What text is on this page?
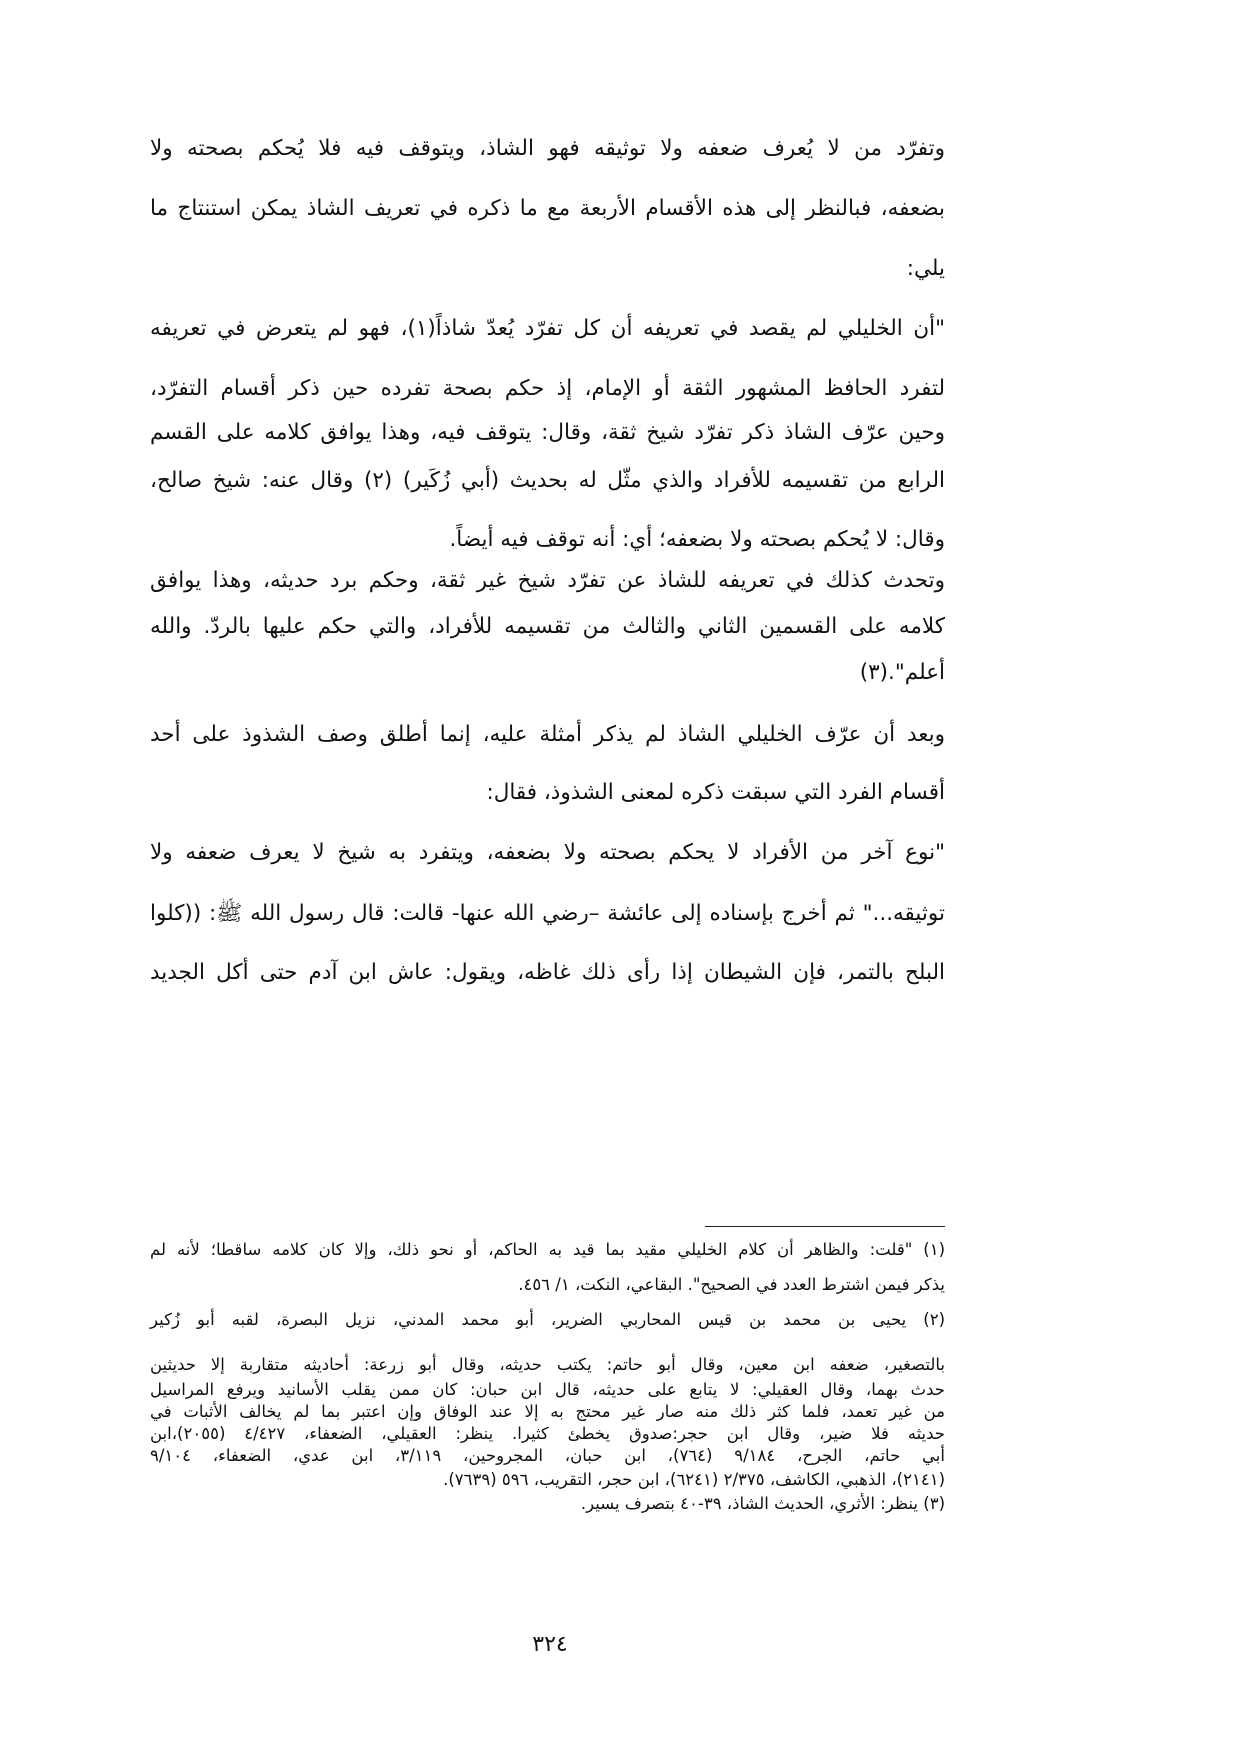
وتفرّد من لا يُعرف ضعفه ولا توثيقه فهو الشاذ، ويتوقف فيه فلا يُحكم بصحته ولا
بضعفه، فبالنظر إلى هذه الأقسام الأربعة مع ما ذكره في تعريف الشاذ يمكن استنتاج ما
يلي:
"أن الخليلي لم يقصد في تعريفه أن كل تفرّد يُعدّ شاذاً(١)، فهو لم يتعرض في تعريفه
لتفرد الحافظ المشهور الثقة أو الإمام، إذ حكم بصحة تفرده حين ذكر أقسام التفرّد،
وحين عرّف الشاذ ذكر تفرّد شيخ ثقة، وقال: يتوقف فيه، وهذا يوافق كلامه على القسم
الرابع من تقسيمه للأفراد والذي مثّل له بحديث (أبي زُكَير) (٢) وقال عنه: شيخ صالح،
وقال: لا يُحكم بصحته ولا بضعفه؛ أي: أنه توقف فيه أيضاً.
وتحدث كذلك في تعريفه للشاذ عن تفرّد شيخ غير ثقة، وحكم برد حديثه، وهذا يوافق
كلامه على القسمين الثاني والثالث من تقسيمه للأفراد، والتي حكم عليها بالردّ. والله
أعلم".(٣)
وبعد أن عرّف الخليلي الشاذ لم يذكر أمثلة عليه، إنما أطلق وصف الشذوذ على أحد
أقسام الفرد التي سبقت ذكره لمعنى الشذوذ، فقال:
"نوع آخر من الأفراد لا يحكم بصحته ولا بضعفه، ويتفرد به شيخ لا يعرف ضعفه ولا
توثيقه..." ثم أخرج بإسناده إلى عائشة –رضي الله عنها- قالت: قال رسول الله ﷺ: ((كلوا
البلح بالتمر، فإن الشيطان إذا رأى ذلك غاظه، ويقول: عاش ابن آدم حتى أكل الجديد
(١) "قلت: والظاهر أن كلام الخليلي مقيد بما قيد به الحاكم، أو نحو ذلك، وإلا كان كلامه ساقطا؛ لأنه لم
يذكر فيمن اشترط العدد في الصحيح". البقاعي، النكت، ١/ ٤٥٦.
(٢) يحيى بن محمد بن قيس المحاربي الضرير، أبو محمد المدني، نزيل البصرة، لقبه أبو زُكير
بالتصغير، ضعفه ابن معين، وقال أبو حاتم: يكتب حديثه، وقال أبو زرعة: أحاديثه متقاربة إلا حديثين
حدث بهما، وقال العقيلي: لا يتابع على حديثه، قال ابن حبان: كان ممن يقلب الأسانيد ويرفع المراسيل
من غير تعمد، فلما كثر ذلك منه صار غير محتج به إلا عند الوفاق وإن اعتبر بما لم يخالف الأثبات في
حديثه فلا ضير، وقال ابن حجر:صدوق يخطئ كثيرا. ينظر: العقيلي، الضعفاء، ٤/٤٢٧ (٢٠٥٥)،ابن
أبي حاتم، الجرح، ٩/١٨٤ (٧٦٤)، ابن حبان، المجروحين، ٣/١١٩، ابن عدي، الضعفاء، ٩/١٠٤
(٢١٤١)، الذهبي، الكاشف، ٢/٣٧٥ (٦٢٤١)، ابن حجر، التقريب، ٥٩٦ (٧٦٣٩).
(٣) ينظر: الأثري، الحديث الشاذ، ٣٩-٤٠ بتصرف يسير.
٣٢٤
